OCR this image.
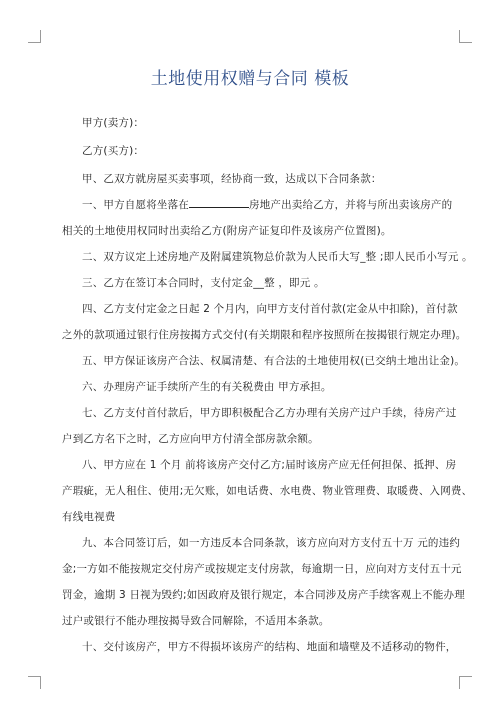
土地使用权赠与合同 模板

甲方(卖方)：

乙方(买方)：

甲、乙双方就房屋买卖事项，经协商一致，达成以下合同条款：

一、甲方自愿将坐落在	房地产出卖给乙方，并将与所出卖该房产的

相关的土地使用权同时出卖给乙方(附房产证复印件及该房产位置图)。

二、双方议定上述房地产及附属建筑物总价款为人民币大写_整 ;即人民币小写元 。

三、乙方在签订本合同时，支付定金__整 ，即元 。

四、乙方支付定金之日起 2 个月内，向甲方支付首付款(定金从中扣除)，首付款

之外的款项通过银行住房按揭方式交付(有关期限和程序按照所在按揭银行规定办理)。

五、甲方保证该房产合法、权属清楚、有合法的土地使用权(已交纳土地出让金)。

六、办理房产证手续所产生的有关税费由 甲方承担。

七、乙方支付首付款后，甲方即积极配合乙方办理有关房产过户手续，待房产过

户到乙方名下之时，乙方应向甲方付清全部房款余额。

八、甲方应在 1 个月 前将该房产交付乙方;届时该房产应无任何担保、抵押、房

产瑕疵，无人租住、使用;无欠账，如电话费、水电费、物业管理费、取暖费、入网费、

有线电视费

九、本合同签订后，如一方违反本合同条款，该方应向对方支付五十万 元的违约

金;一方如不能按规定交付房产或按规定支付房款，每逾期一日，应向对方支付五十元

罚金，逾期 3 日视为毁约;如因政府及银行规定，本合同涉及房产手续客观上不能办理

过户或银行不能办理按揭导致合同解除，不适用本条款。

十、交付该房产，甲方不得损坏该房产的结构、地面和墙壁及不适移动的物件，
